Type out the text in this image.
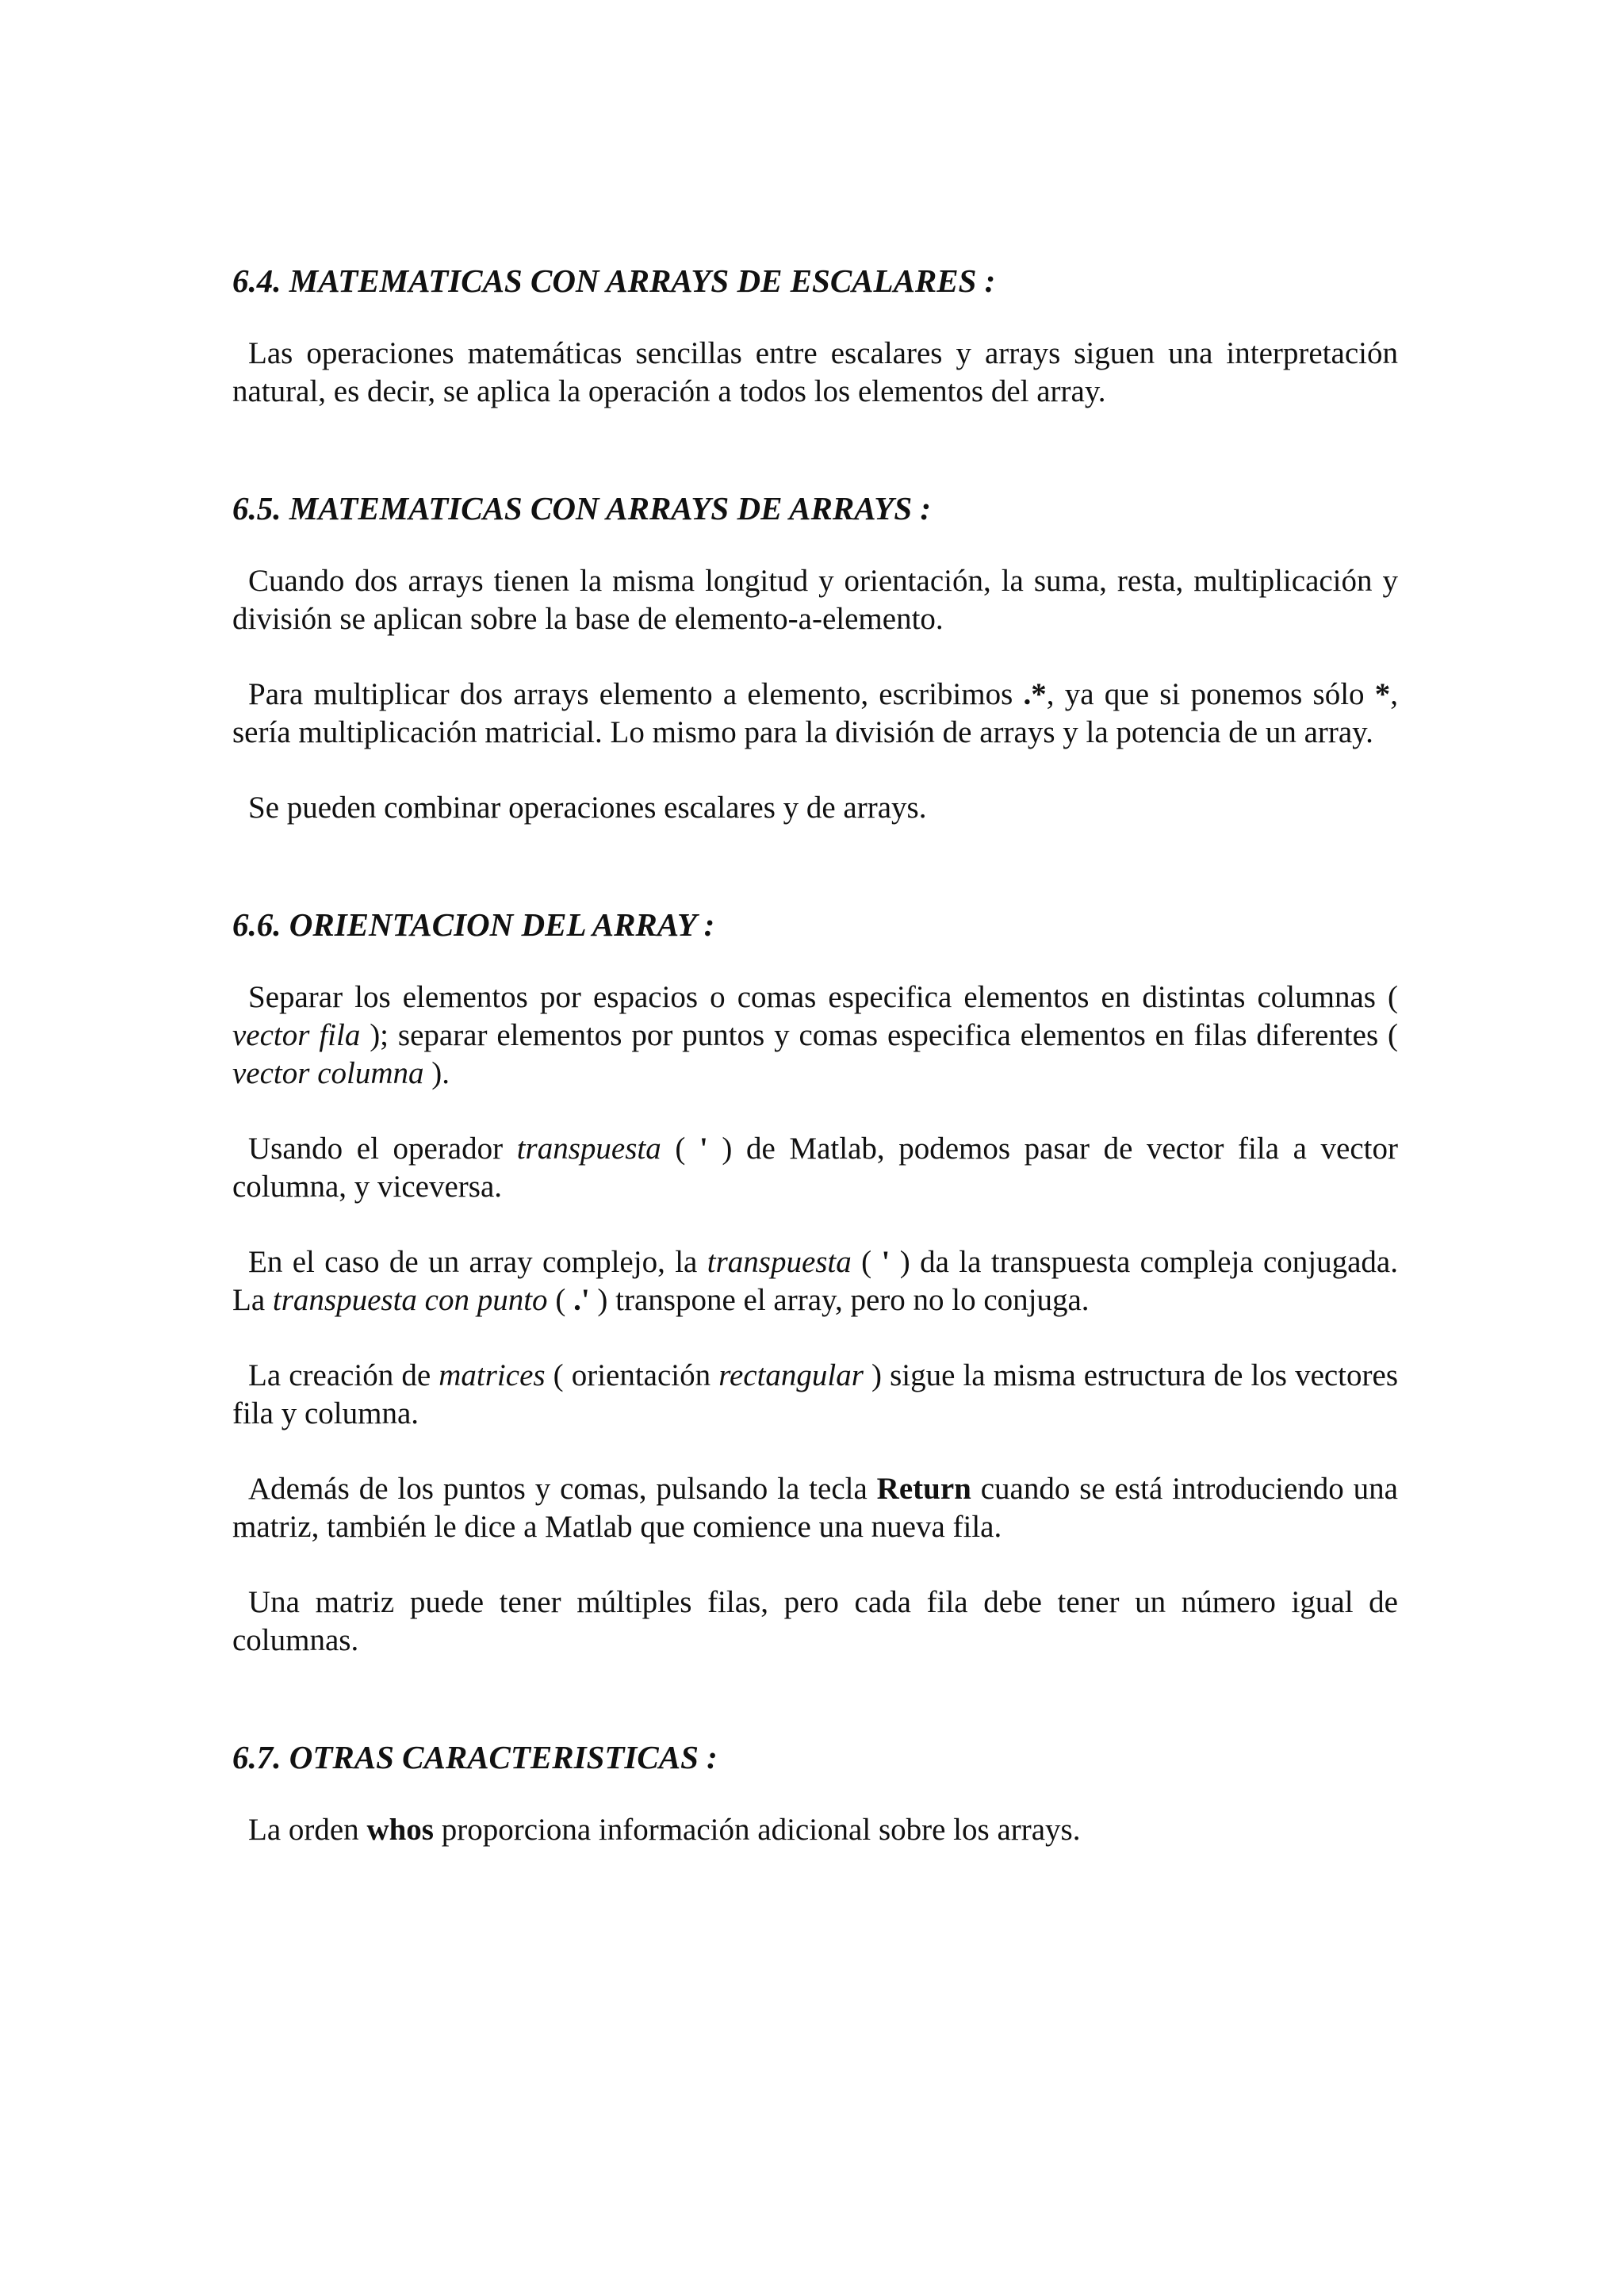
6.4. MATEMATICAS CON ARRAYS DE ESCALARES :

Las operaciones matemáticas sencillas entre escalares y arrays siguen una interpretación natural, es decir, se aplica la operación a todos los elementos del array.

6.5. MATEMATICAS CON ARRAYS DE ARRAYS :

Cuando dos arrays tienen la misma longitud y orientación, la suma, resta, multiplicación y división se aplican sobre la base de elemento-a-elemento.

Para multiplicar dos arrays elemento a elemento, escribimos .*, ya que si ponemos sólo *, sería multiplicación matricial. Lo mismo para la división de arrays y la potencia de un array.

Se pueden combinar operaciones escalares y de arrays.

6.6. ORIENTACION DEL ARRAY :

Separar los elementos por espacios o comas especifica elementos en distintas columnas ( vector fila ); separar elementos por puntos y comas especifica elementos en filas diferentes ( vector columna ).

Usando el operador transpuesta ( ' ) de Matlab, podemos pasar de vector fila a vector columna, y viceversa.

En el caso de un array complejo, la transpuesta ( ' ) da la transpuesta compleja conjugada. La transpuesta con punto ( .' ) transpone el array, pero no lo conjuga.

La creación de matrices ( orientación rectangular ) sigue la misma estructura de los vectores fila y columna.

Además de los puntos y comas, pulsando la tecla Return cuando se está introduciendo una matriz, también le dice a Matlab que comience una nueva fila.

Una matriz puede tener múltiples filas, pero cada fila debe tener un número igual de columnas.

6.7. OTRAS CARACTERISTICAS :

La orden whos proporciona información adicional sobre los arrays.
